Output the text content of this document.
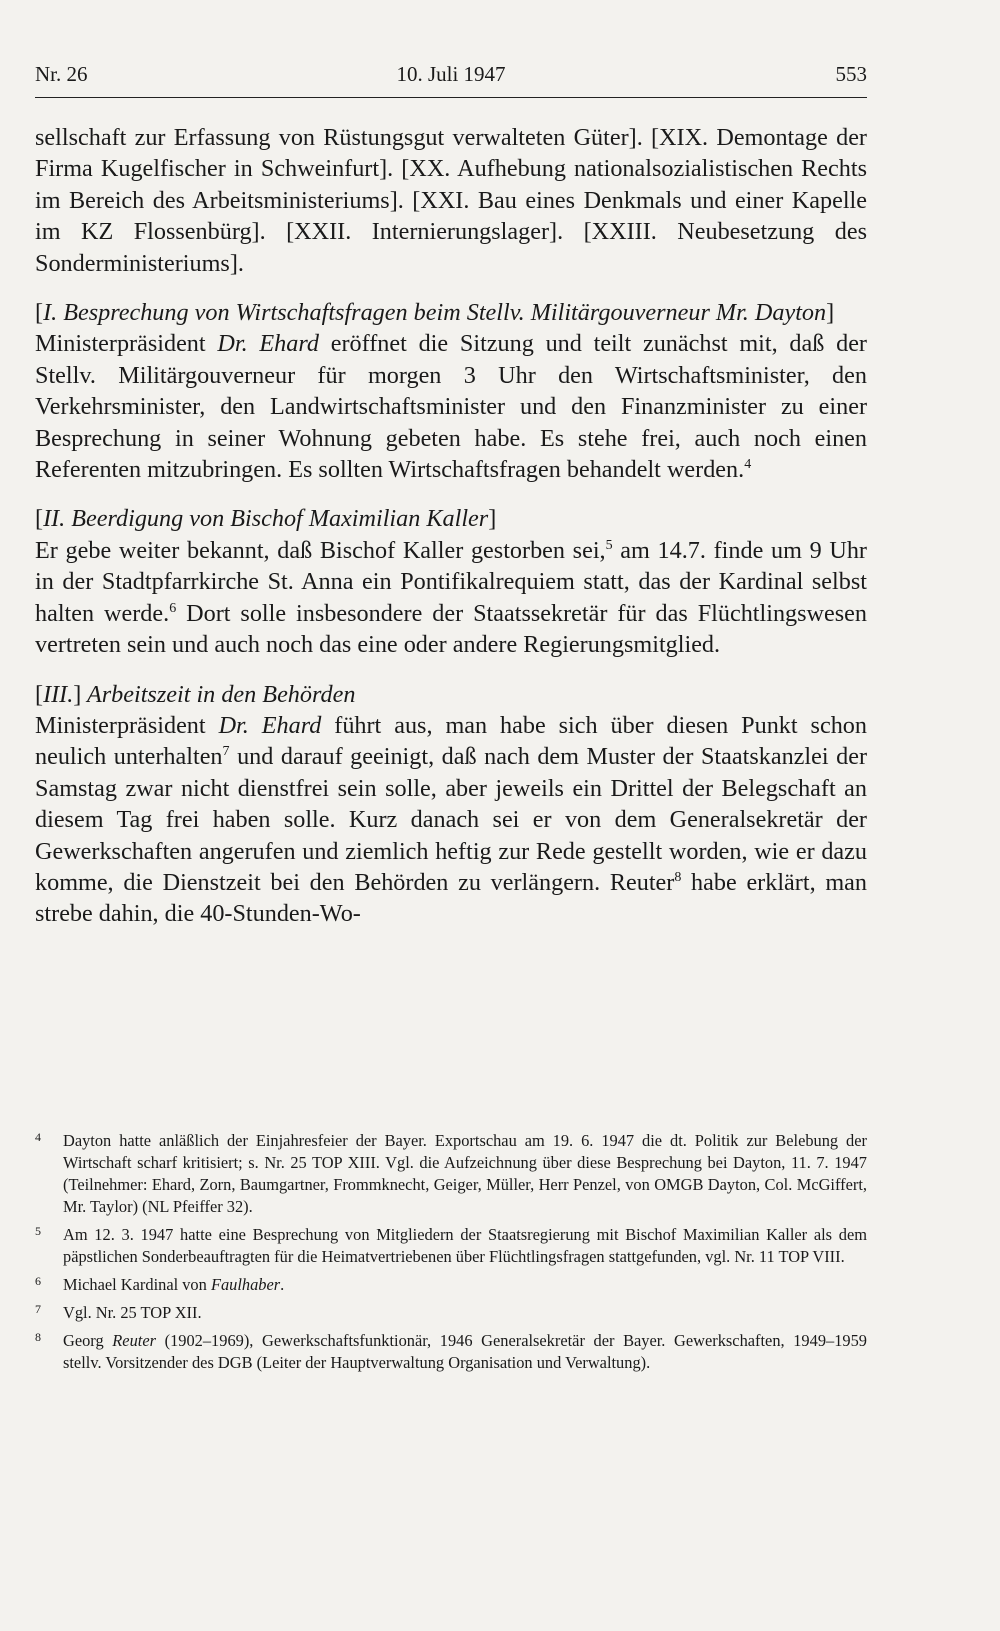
Nr. 26	10. Juli 1947	553

sellschaft zur Erfassung von Rüstungsgut verwalteten Güter]. [XIX. Demontage der Firma Kugelfischer in Schweinfurt]. [XX. Aufhebung nationalsozialistischen Rechts im Bereich des Arbeitsministeriums]. [XXI. Bau eines Denkmals und einer Kapelle im KZ Flossenbürg]. [XXII. Internierungslager]. [XXIII. Neubesetzung des Sonderministeriums].

[I. Besprechung von Wirtschaftsfragen beim Stellv. Militärgouverneur Mr. Dayton]

Ministerpräsident Dr. Ehard eröffnet die Sitzung und teilt zunächst mit, daß der Stellv. Militärgouverneur für morgen 3 Uhr den Wirtschaftsminister, den Verkehrsminister, den Landwirtschaftsminister und den Finanzminister zu einer Besprechung in seiner Wohnung gebeten habe. Es stehe frei, auch noch einen Referenten mitzubringen. Es sollten Wirtschaftsfragen behandelt werden.$^4$

[II. Beerdigung von Bischof Maximilian Kaller]

Er gebe weiter bekannt, daß Bischof Kaller gestorben sei,$^5$ am 14.7. finde um 9 Uhr in der Stadtpfarrkirche St. Anna ein Pontifikalrequiem statt, das der Kardinal selbst halten werde.$^6$ Dort solle insbesondere der Staatssekretär für das Flüchtlingswesen vertreten sein und auch noch das eine oder andere Regierungsmitglied.

[III.] Arbeitszeit in den Behörden

Ministerpräsident Dr. Ehard führt aus, man habe sich über diesen Punkt schon neulich unterhalten$^7$ und darauf geeinigt, daß nach dem Muster der Staatskanzlei der Samstag zwar nicht dienstfrei sein solle, aber jeweils ein Drittel der Belegschaft an diesem Tag frei haben solle. Kurz danach sei er von dem Generalsekretär der Gewerkschaften angerufen und ziemlich heftig zur Rede gestellt worden, wie er dazu komme, die Dienstzeit bei den Behörden zu verlängern. Reuter$^8$ habe erklärt, man strebe dahin, die 40-Stunden-Wo-

4 Dayton hatte anläßlich der Einjahresfeier der Bayer. Exportschau am 19. 6. 1947 die dt. Politik zur Belebung der Wirtschaft scharf kritisiert; s. Nr. 25 TOP XIII. Vgl. die Aufzeichnung über diese Besprechung bei Dayton, 11. 7. 1947 (Teilnehmer: Ehard, Zorn, Baumgartner, Frommknecht, Geiger, Müller, Herr Penzel, von OMGB Dayton, Col. McGiffert, Mr. Taylor) (NL Pfeiffer 32).

5 Am 12. 3. 1947 hatte eine Besprechung von Mitgliedern der Staatsregierung mit Bischof Maximilian Kaller als dem päpstlichen Sonderbeauftragten für die Heimatvertriebenen über Flüchtlingsfragen stattgefunden, vgl. Nr. 11 TOP VIII.

6 Michael Kardinal von Faulhaber.

7 Vgl. Nr. 25 TOP XII.

8 Georg Reuter (1902–1969), Gewerkschaftsfunktionär, 1946 Generalsekretär der Bayer. Gewerkschaften, 1949–1959 stellv. Vorsitzender des DGB (Leiter der Hauptverwaltung Organisation und Verwaltung).
